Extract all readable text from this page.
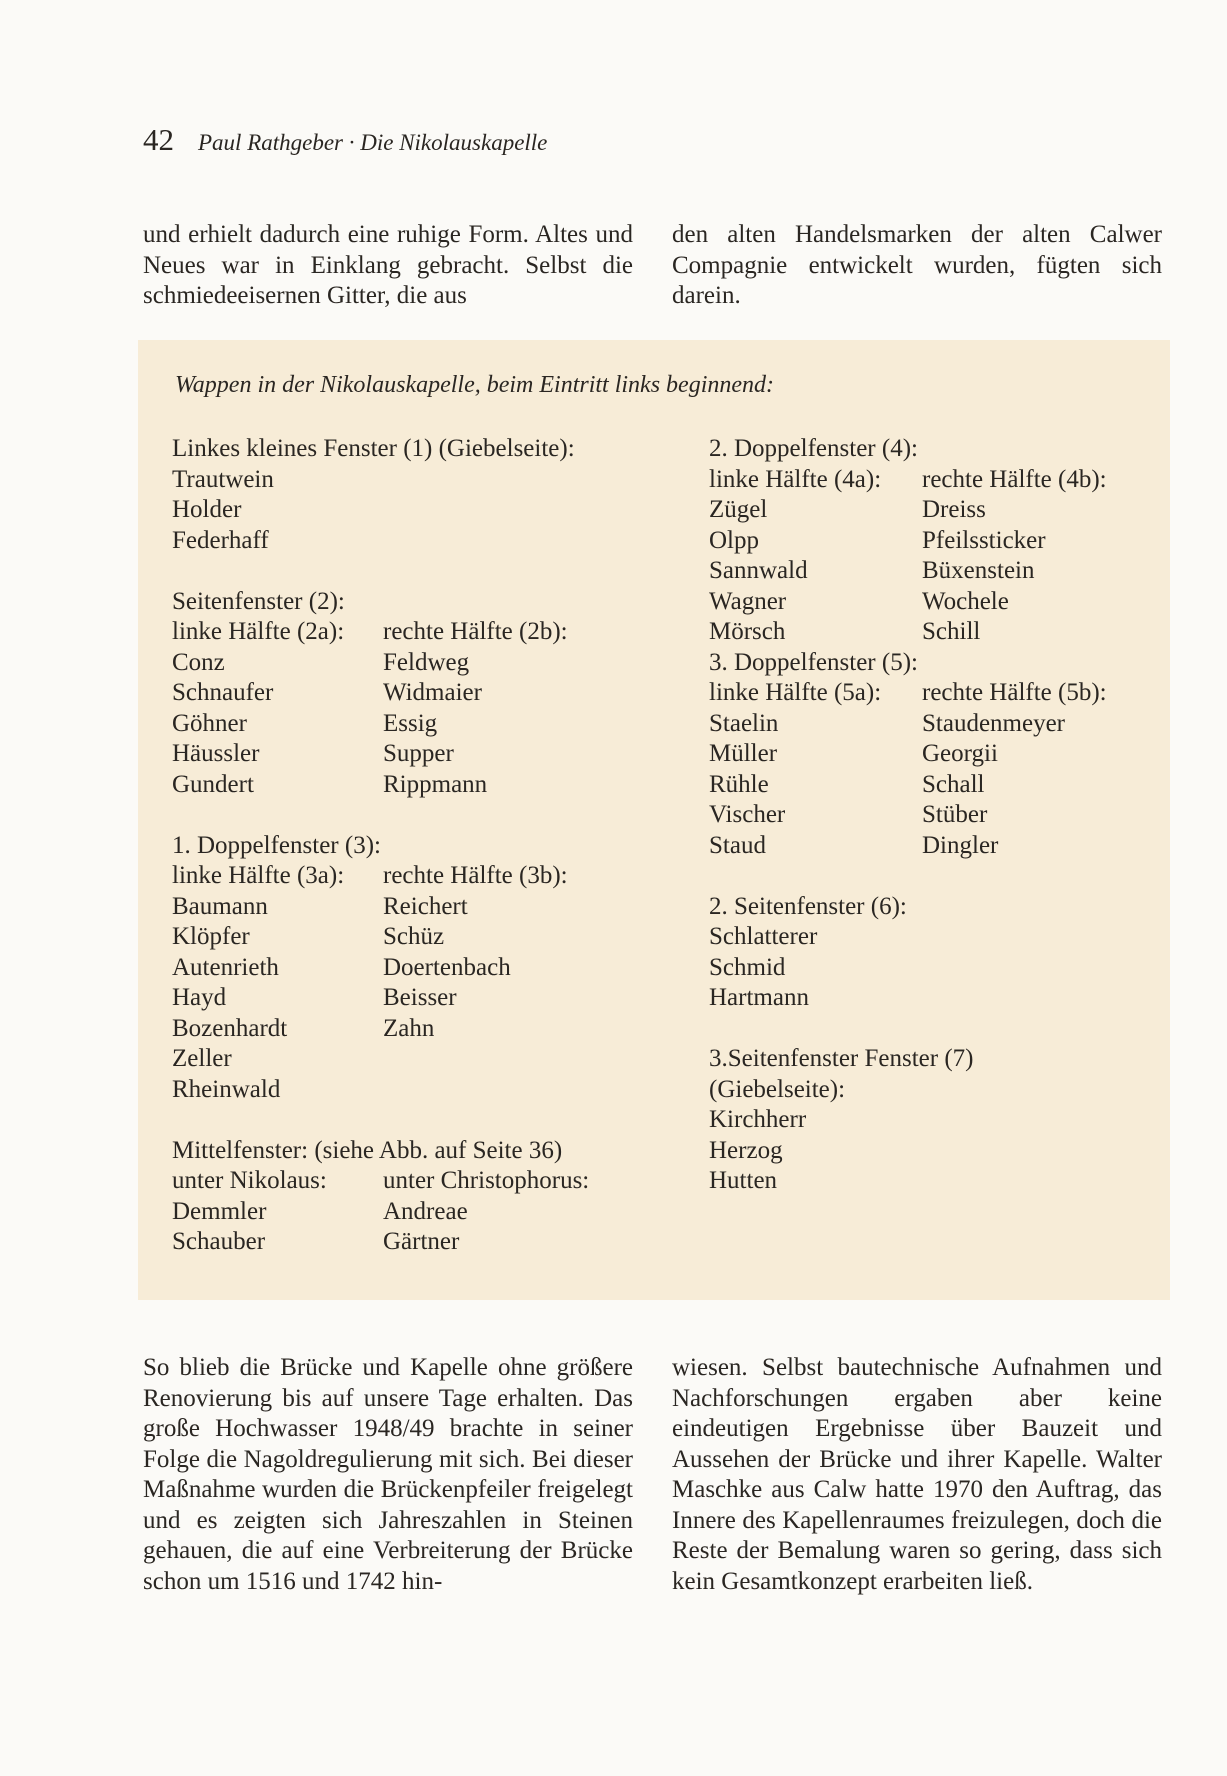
42 Paul Rathgeber · Die Nikolauskapelle

und erhielt dadurch eine ruhige Form. Altes und Neues war in Einklang gebracht. Selbst die schmiedeeisernen Gitter, die aus

den alten Handelsmarken der alten Calwer Compagnie entwickelt wurden, fügten sich darein.

Wappen in der Nikolauskapelle, beim Eintritt links beginnend:
Linkes kleines Fenster (1) (Giebelseite):
Trautwein
Holder
Federhaff
Seitenfenster (2):
linke Hälfte (2a): rechte Hälfte (2b):
Conz	Feldweg
Schnaufer	Widmaier
Göhner	Essig
Häussler	Supper
Gundert	Rippmann
1. Doppelfenster (3):
linke Hälfte (3a): rechte Hälfte (3b):
Baumann	Reichert
Klöpfer	Schüz
Autenrieth	Doertenbach
Hayd	Beisser
Bozenhardt	Zahn
Zeller
Rheinwald
Mittelfenster: (siehe Abb. auf Seite 36)
unter Nikolaus: unter Christophorus:
Demmler	Andreae
Schauber	Gärtner
2. Doppelfenster (4):
linke Hälfte (4a): rechte Hälfte (4b):
Zügel	Dreiss
Olpp	Pfeilssticker
Sannwald	Büxenstein
Wagner	Wochele
Mörsch	Schill
3. Doppelfenster (5):
linke Hälfte (5a): rechte Hälfte (5b):
Staelin	Staudenmeyer
Müller	Georgii
Rühle	Schall
Vischer	Stüber
Staud	Dingler
2. Seitenfenster (6):
Schlatterer
Schmid
Hartmann
3.Seitenfenster Fenster (7)
(Giebelseite):
Kirchherr
Herzog
Hutten

So blieb die Brücke und Kapelle ohne größere Renovierung bis auf unsere Tage erhalten. Das große Hochwasser 1948/49 brachte in seiner Folge die Nagoldregulierung mit sich. Bei dieser Maßnahme wurden die Brückenpfeiler freigelegt und es zeigten sich Jahreszahlen in Steinen gehauen, die auf eine Verbreiterung der Brücke schon um 1516 und 1742 hin-

wiesen. Selbst bautechnische Aufnahmen und Nachforschungen ergaben aber keine eindeutigen Ergebnisse über Bauzeit und Aussehen der Brücke und ihrer Kapelle. Walter Maschke aus Calw hatte 1970 den Auftrag, das Innere des Kapellenraumes freizulegen, doch die Reste der Bemalung waren so gering, dass sich kein Gesamtkonzept erarbeiten ließ.
